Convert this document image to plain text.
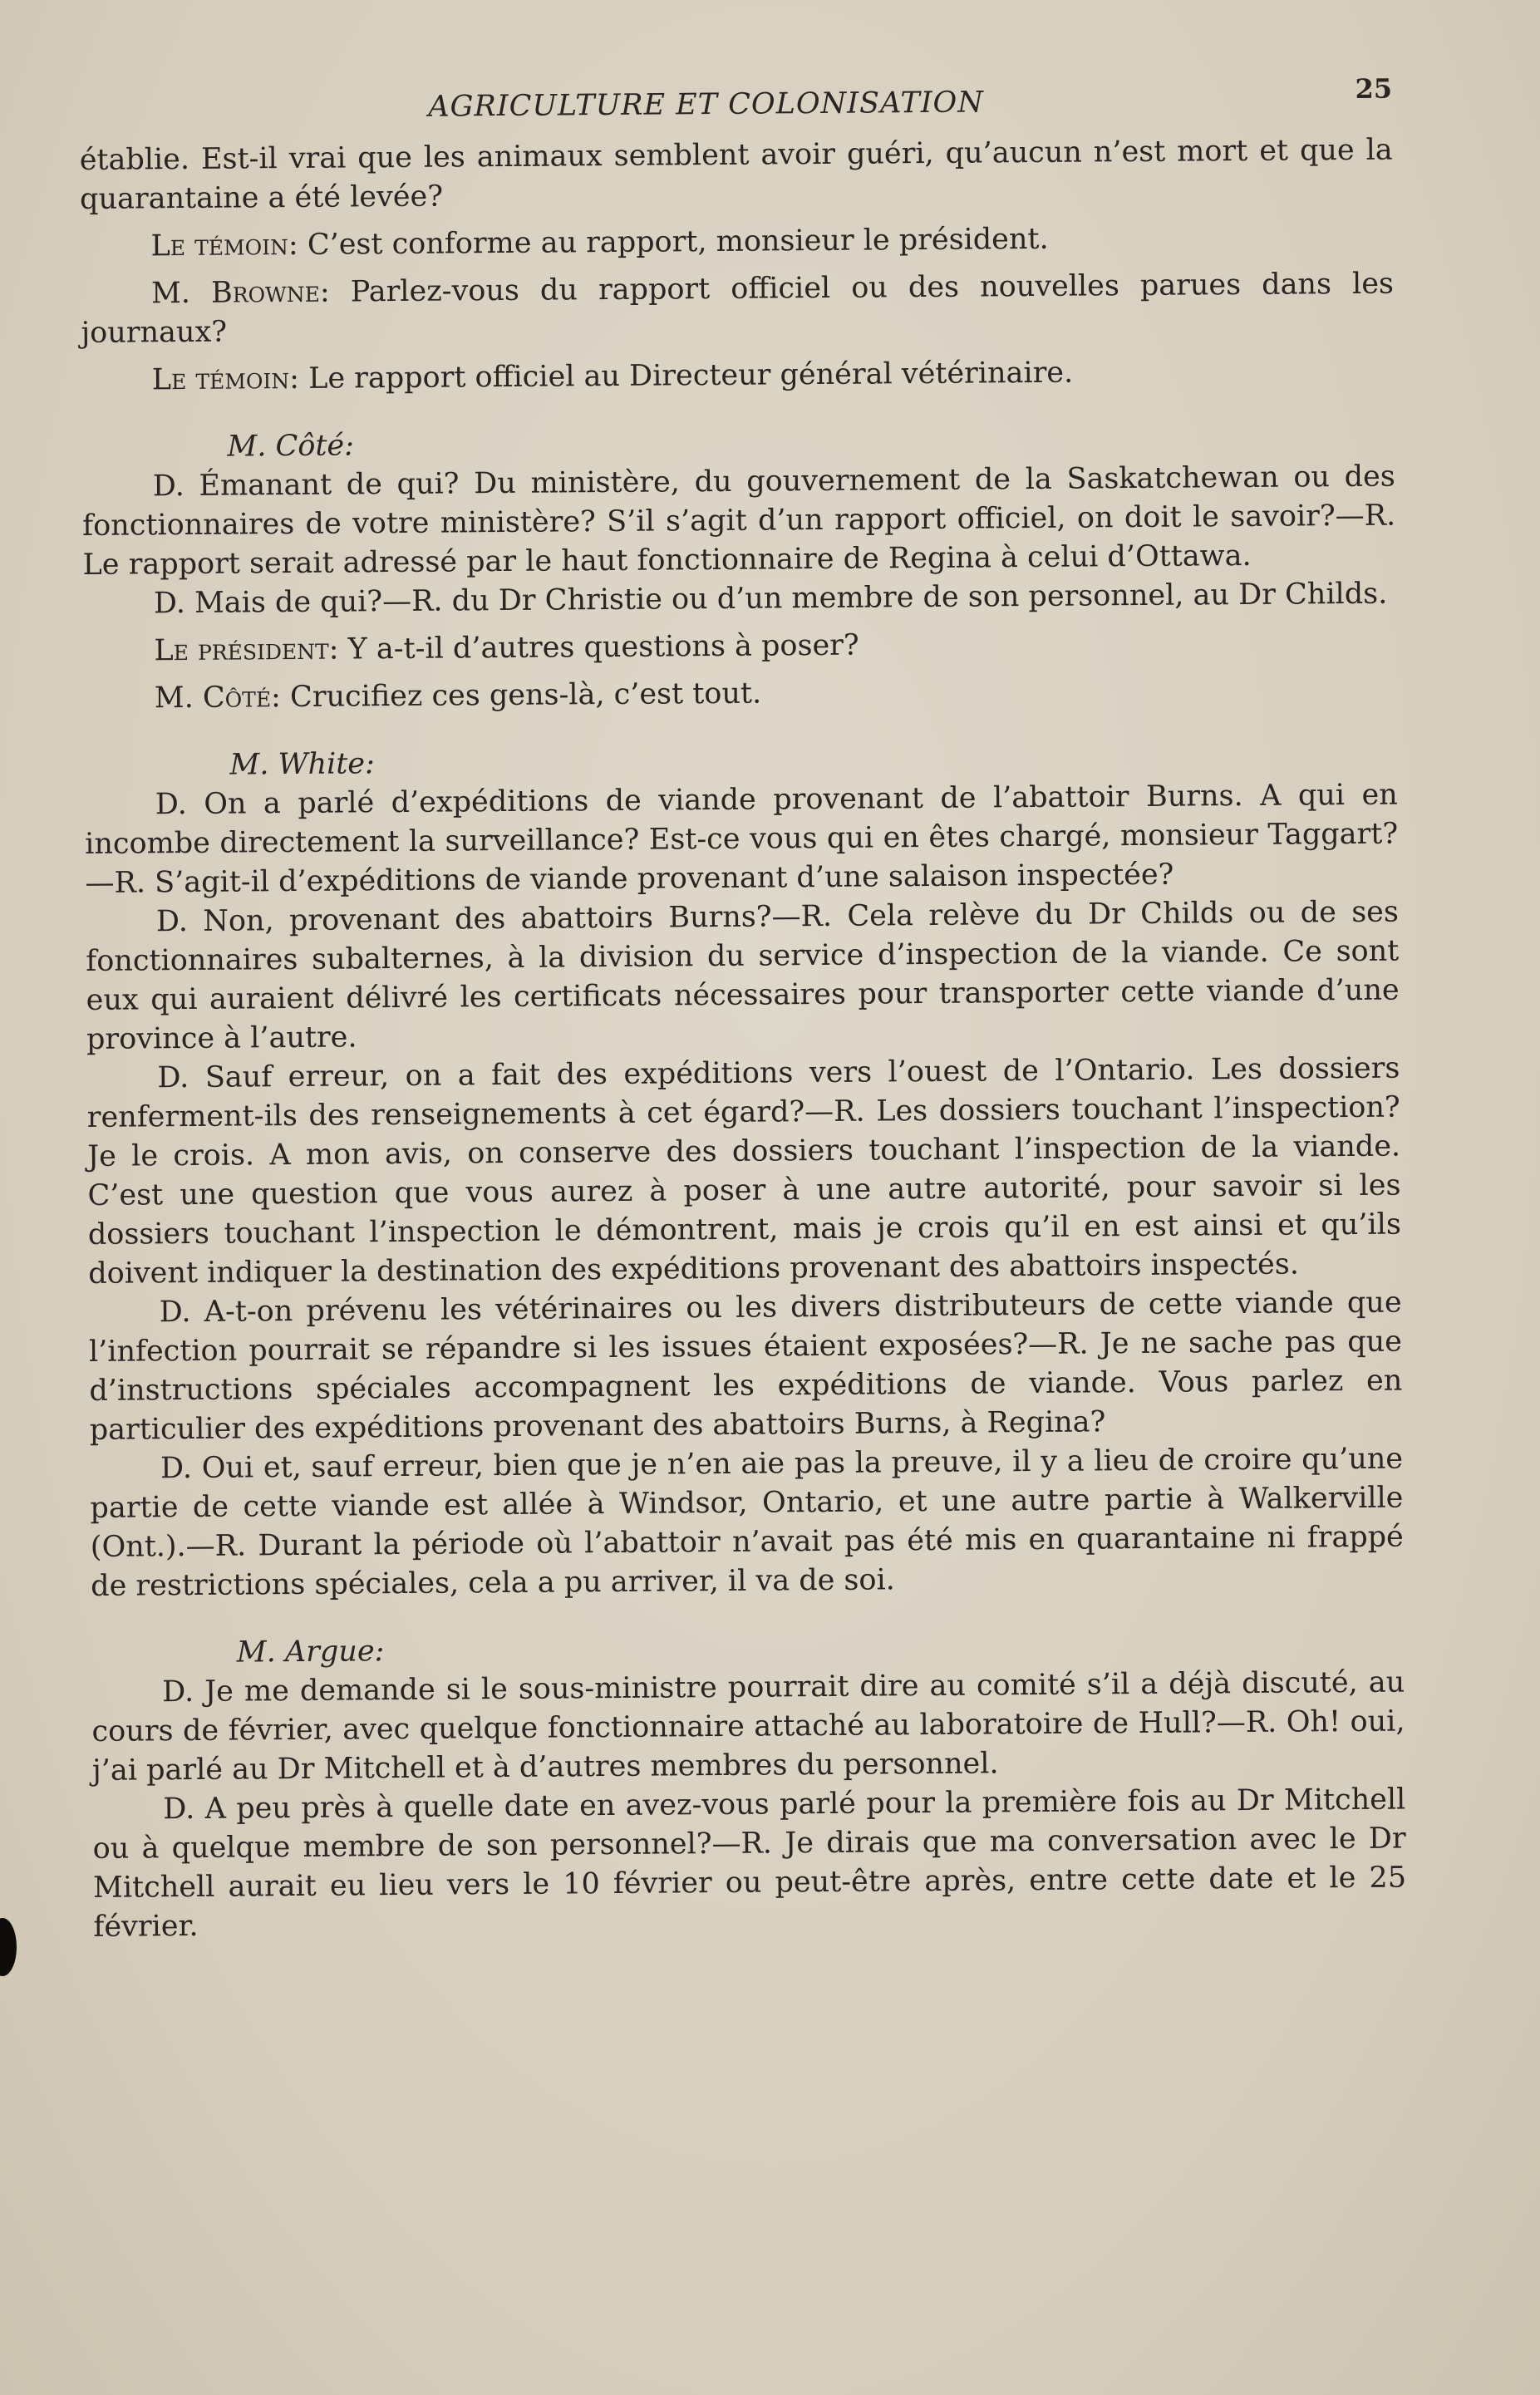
AGRICULTURE ET COLONISATION	25

établie. Est-il vrai que les animaux semblent avoir guéri, qu’aucun n’est mort et que la quarantaine a été levée?

Le témoin: C’est conforme au rapport, monsieur le président.

M. Browne: Parlez-vous du rapport officiel ou des nouvelles parues dans les journaux?

Le témoin: Le rapport officiel au Directeur général vétérinaire.

M. Côté:

D. Émanant de qui? Du ministère, du gouvernement de la Saskatchewan ou des fonctionnaires de votre ministère? S’il s’agit d’un rapport officiel, on doit le savoir?—R. Le rapport serait adressé par le haut fonctionnaire de Regina à celui d’Ottawa.

D. Mais de qui?—R. du Dr Christie ou d’un membre de son personnel, au Dr Childs.

Le président: Y a-t-il d’autres questions à poser?

M. Côté: Crucifiez ces gens-là, c’est tout.

M. White:

D. On a parlé d’expéditions de viande provenant de l’abattoir Burns. A qui en incombe directement la surveillance? Est-ce vous qui en êtes chargé, monsieur Taggart?—R. S’agit-il d’expéditions de viande provenant d’une salaison inspectée?

D. Non, provenant des abattoirs Burns?—R. Cela relève du Dr Childs ou de ses fonctionnaires subalternes, à la division du service d’inspection de la viande. Ce sont eux qui auraient délivré les certificats nécessaires pour transporter cette viande d’une province à l’autre.

D. Sauf erreur, on a fait des expéditions vers l’ouest de l’Ontario. Les dossiers renferment-ils des renseignements à cet égard?—R. Les dossiers touchant l’inspection? Je le crois. A mon avis, on conserve des dossiers touchant l’inspection de la viande. C’est une question que vous aurez à poser à une autre autorité, pour savoir si les dossiers touchant l’inspection le démontrent, mais je crois qu’il en est ainsi et qu’ils doivent indiquer la destination des expéditions provenant des abattoirs inspectés.

D. A-t-on prévenu les vétérinaires ou les divers distributeurs de cette viande que l’infection pourrait se répandre si les issues étaient exposées?—R. Je ne sache pas que d’instructions spéciales accompagnent les expéditions de viande. Vous parlez en particulier des expéditions provenant des abattoirs Burns, à Regina?

D. Oui et, sauf erreur, bien que je n’en aie pas la preuve, il y a lieu de croire qu’une partie de cette viande est allée à Windsor, Ontario, et une autre partie à Walkerville (Ont.).—R. Durant la période où l’abattoir n’avait pas été mis en quarantaine ni frappé de restrictions spéciales, cela a pu arriver, il va de soi.

M. Argue:

D. Je me demande si le sous-ministre pourrait dire au comité s’il a déjà discuté, au cours de février, avec quelque fonctionnaire attaché au laboratoire de Hull?—R. Oh! oui, j’ai parlé au Dr Mitchell et à d’autres membres du personnel.

D. A peu près à quelle date en avez-vous parlé pour la première fois au Dr Mitchell ou à quelque membre de son personnel?—R. Je dirais que ma conversation avec le Dr Mitchell aurait eu lieu vers le 10 février ou peut-être après, entre cette date et le 25 février.
